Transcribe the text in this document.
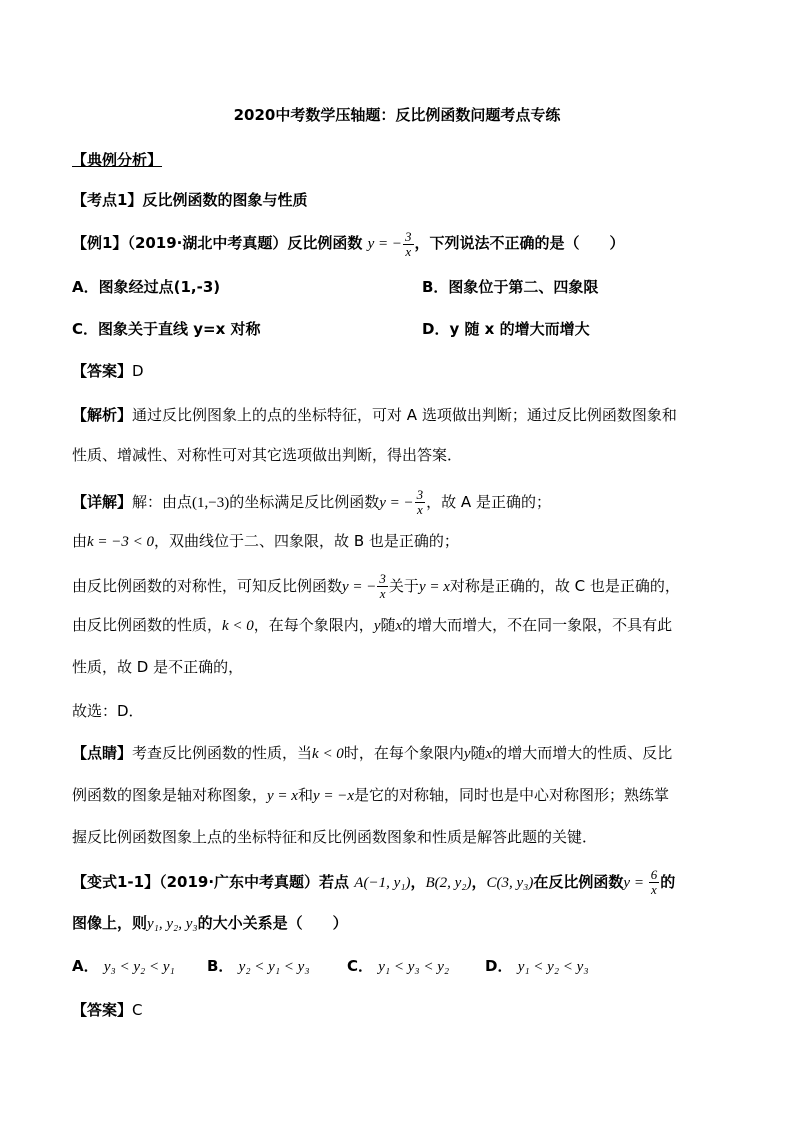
2020中考数学压轴题：反比例函数问题考点专练
【典例分析】
【考点1】反比例函数的图象与性质
【例1】（2019·湖北中考真题）反比例函数 y = − $\frac{3}{x}$ ，下列说法不正确的是（　　）
A．图象经过点(1,-3)	B．图象位于第二、四象限
C．图象关于直线 y=x 对称	D．y 随 x 的增大而增大
【答案】D
【解析】通过反比例图象上的点的坐标特征，可对 A 选项做出判断；通过反比例函数图象和
性质、增减性、对称性可对其它选项做出判断，得出答案．
【详解】解：由点(1,−3)的坐标满足反比例函数y = − $\frac{3}{x}$ ，故 A 是正确的；
由k = −3 < 0，双曲线位于二、四象限，故 B 也是正确的；
由反比例函数的对称性，可知反比例函数y = − $\frac{3}{x}$ 关于y = x对称是正确的，故 C 也是正确的，
由反比例函数的性质，k < 0，在每个象限内，y随x的增大而增大，不在同一象限，不具有此
性质，故 D 是不正确的，
故选：D．
【点睛】考查反比例函数的性质，当k < 0时，在每个象限内y随x的增大而增大的性质、反比
例函数的图象是轴对称图象，y = x和y = −x是它的对称轴，同时也是中心对称图形；熟练掌
握反比例函数图象上点的坐标特征和反比例函数图象和性质是解答此题的关键．
【变式1-1】（2019·广东中考真题）若点 A(−1, y₁)，B(2, y₂)，C(3, y₃)在反比例函数$y = \frac{6}{x}$ 的
图像上，则y₁, y₂, y₃的大小关系是（　　）
A． y₃ < y₂ < y₁ B． y₂ < y₁ < y₃ C． y₁ < y₃ < y₂ D． y₁ < y₂ < y₃
【答案】C
